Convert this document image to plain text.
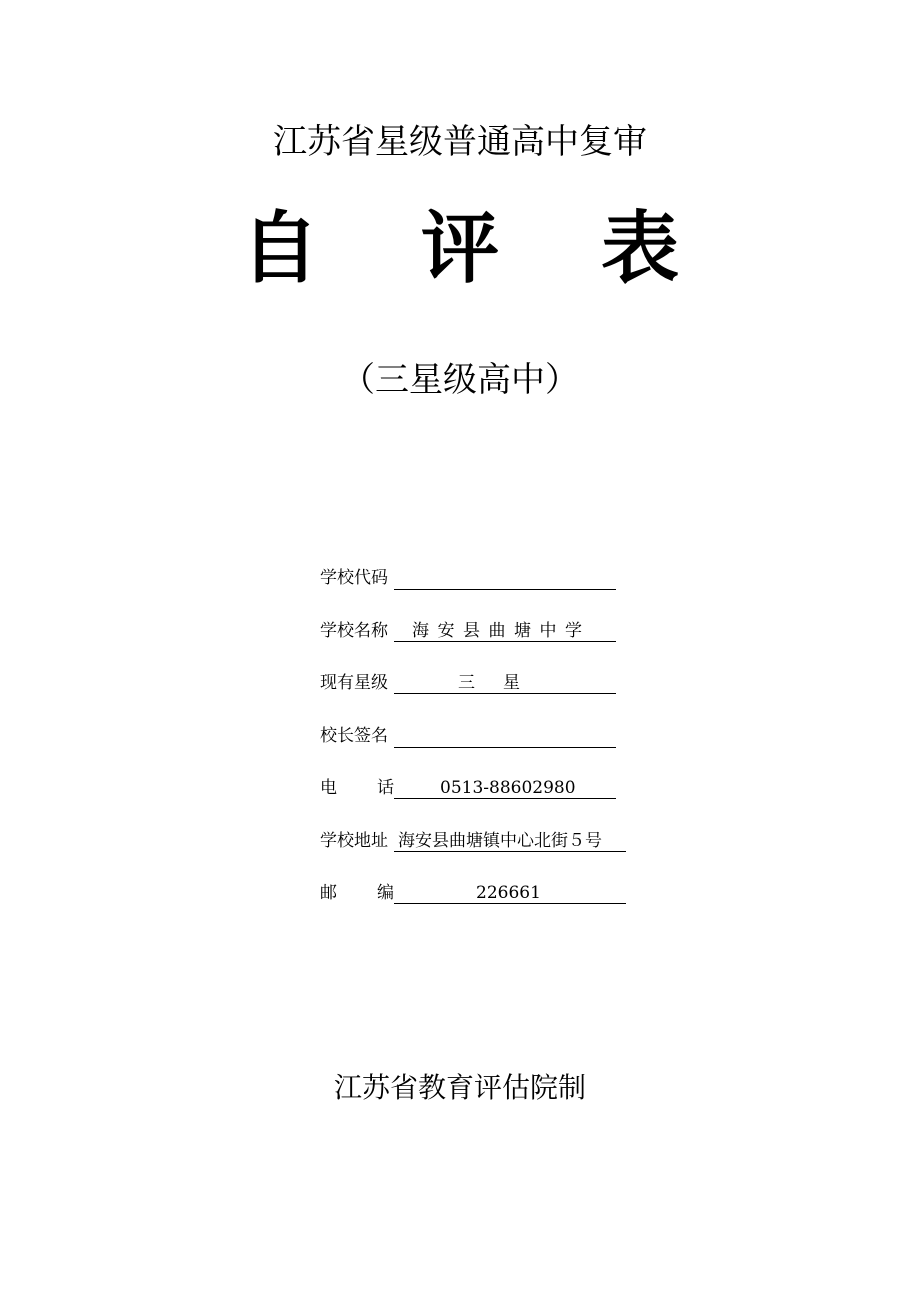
江苏省星级普通高中复审
自 评 表
（三星级高中）
学校代码
学校名称	海安县曲塘中学
现有星级	三 星
校长签名
电 话	0513-88602980
学校地址 海安县曲塘镇中心北街５号
邮 编	226661
江苏省教育评估院制
